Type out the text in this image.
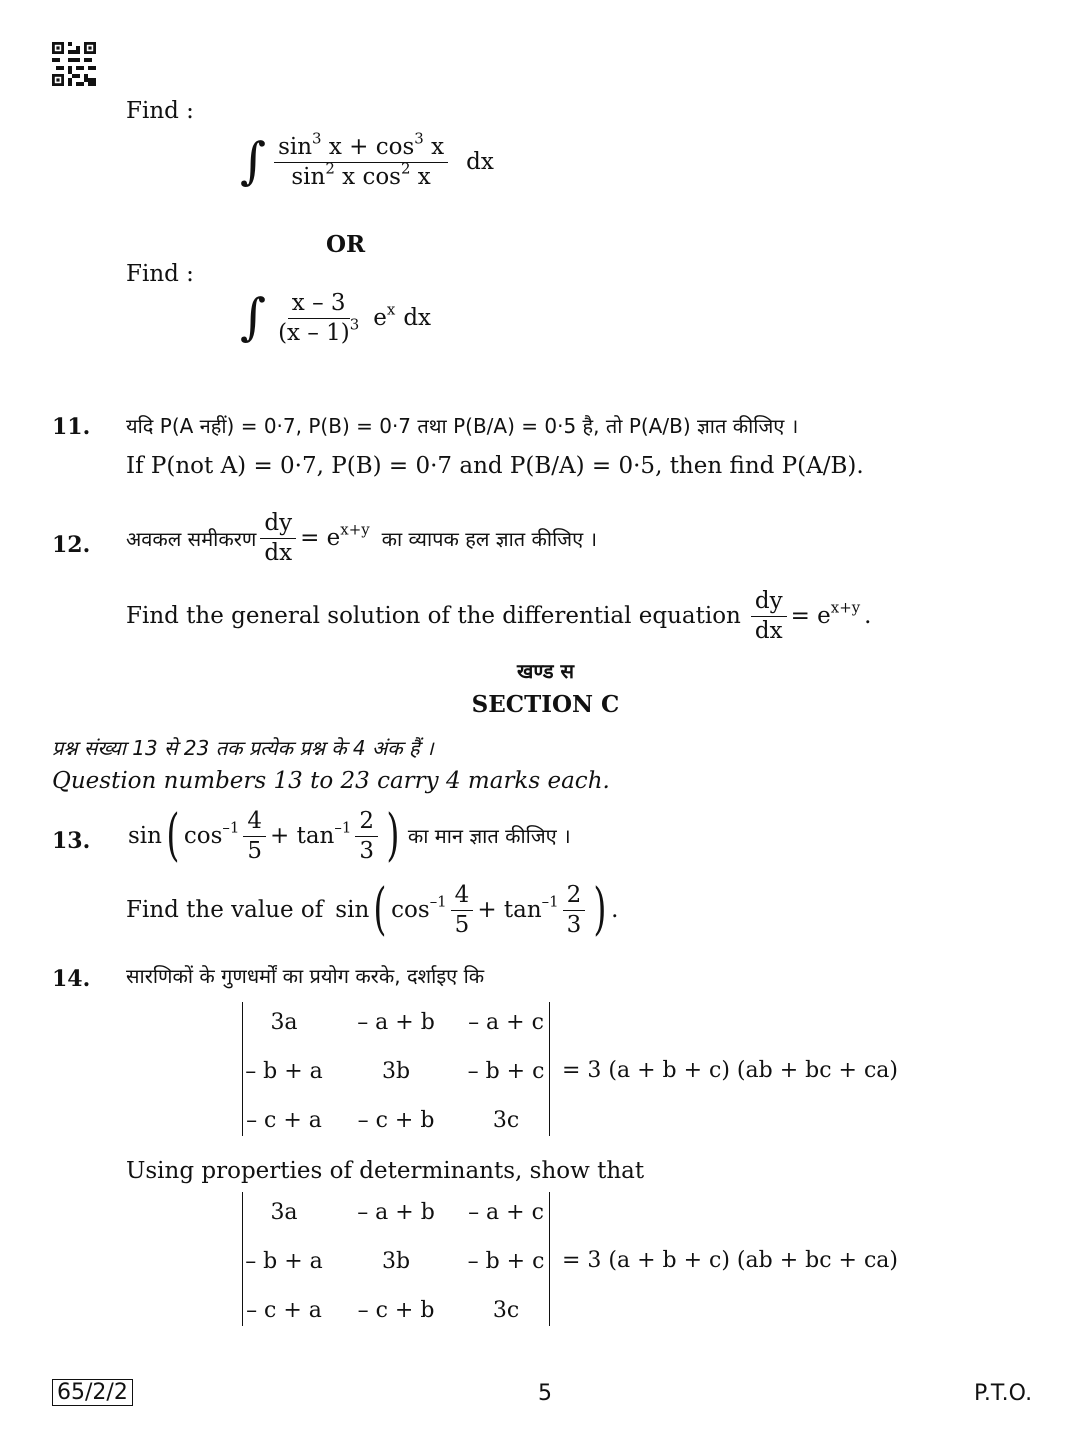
Find :
∫ $\frac{\sin^3 x + \cos^3 x}{\sin^2 x \cos^2 x}$ dx
OR
Find :
∫ $\frac{x - 3}{(x - 1)^3} e^x$ dx
11. यदि P(A नहीं) = 0·7, P(B) = 0·7 तथा P(B/A) = 0·5 है, तो P(A/B) ज्ञात कीजिए ।
If P(not A) = 0·7, P(B) = 0·7 and P(B/A) = 0·5, then find P(A/B).
12. अवकल समीकरण $\frac{dy}{dx} = e^{x+y}$ का व्यापक हल ज्ञात कीजिए ।
Find the general solution of the differential equation $\frac{dy}{dx} = e^{x+y}$ .
खण्ड स
SECTION C
प्रश्न संख्या 13 से 23 तक प्रत्येक प्रश्न के 4 अंक हैं ।
Question numbers 13 to 23 carry 4 marks each.
13. sin ( $\cos^{-1} \frac{4}{5} + \tan^{-1} \frac{2}{3}$ ) का मान ज्ञात कीजिए ।
Find the value of sin ( $\cos^{-1} \frac{4}{5} + \tan^{-1} \frac{2}{3}$ ) .
14. सारणिकों के गुणधर्मों का प्रयोग करके, दर्शाइए कि
3a	– a + b	– a + c
– b + a	3b	– b + c
– c + a	– c + b	3c
= 3 (a + b + c) (ab + bc + ca)
Using properties of determinants, show that
3a	– a + b	– a + c
– b + a	3b	– b + c
– c + a	– c + b	3c
= 3 (a + b + c) (ab + bc + ca)
65/2/2	5	P.T.O.
